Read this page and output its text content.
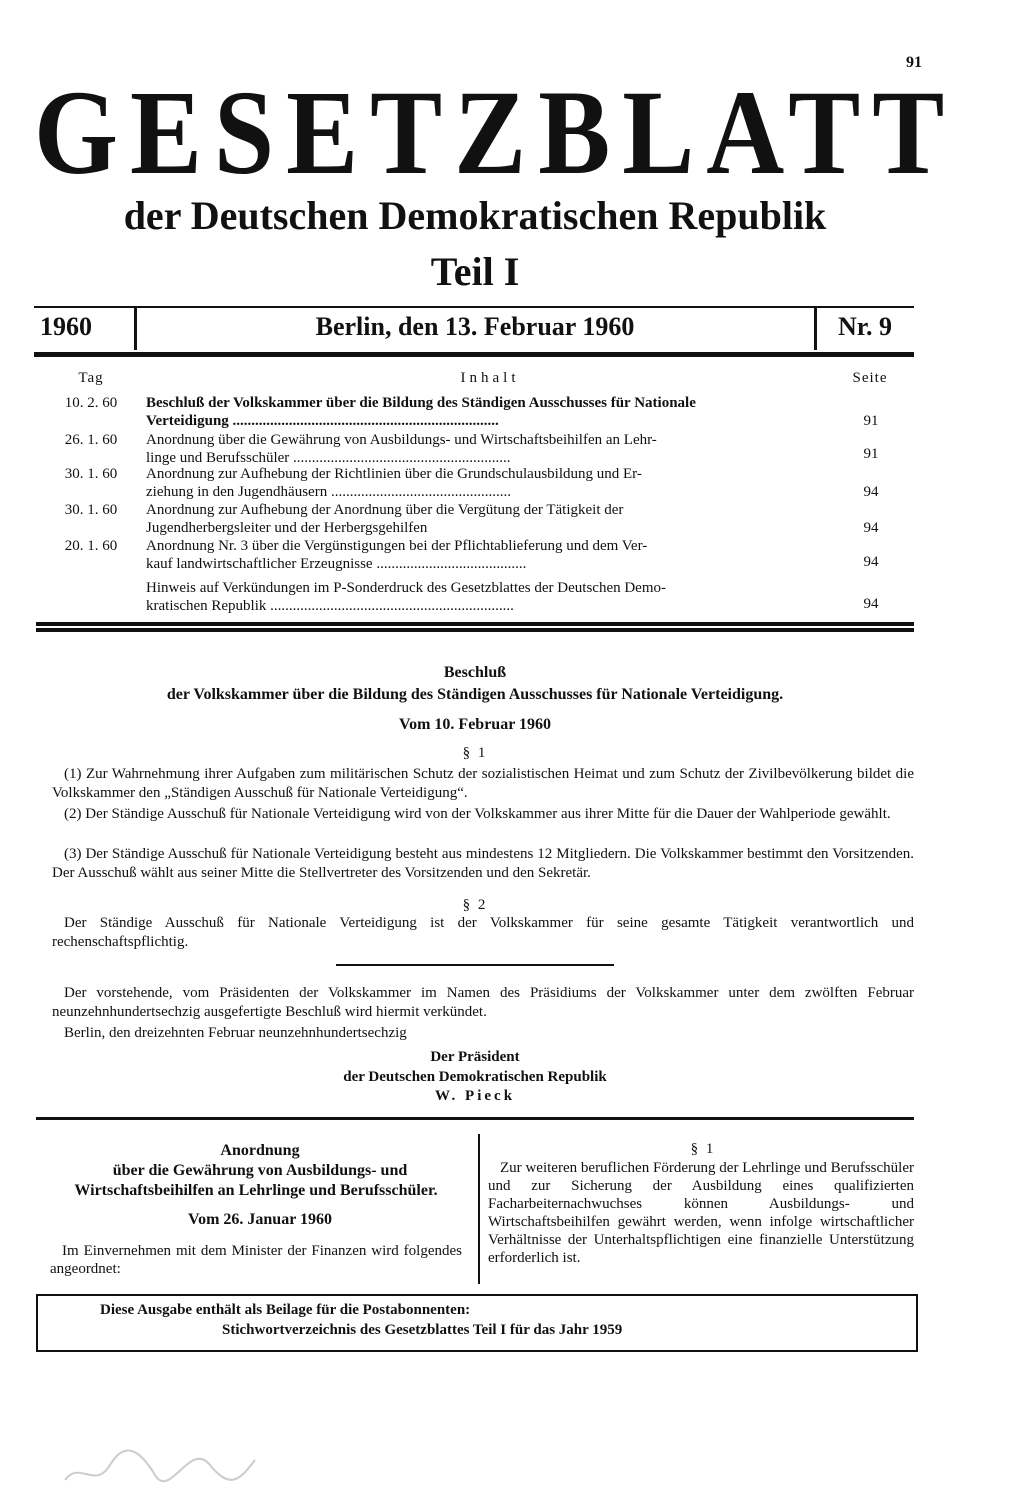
91
GESETZBLATT
der Deutschen Demokratischen Republik
Teil I
1960	Berlin, den 13. Februar 1960	Nr. 9
Tag	Inhalt	Seite
10. 2. 60	Beschluß der Volkskammer über die Bildung des Ständigen Ausschusses für Nationale
Verteidigung .......................................................................	91
26. 1. 60	Anordnung über die Gewährung von Ausbildungs- und Wirtschaftsbeihilfen an Lehr-
linge und Berufsschüler ..........................................................	91
30. 1. 60	Anordnung zur Aufhebung der Richtlinien über die Grundschulausbildung und Er-
ziehung in den Jugendhäusern ................................................	94
30. 1. 60	Anordnung zur Aufhebung der Anordnung über die Vergütung der Tätigkeit der
Jugendherbergsleiter und der Herbergsgehilfen	94
20. 1. 60	Anordnung Nr. 3 über die Vergünstigungen bei der Pflichtablieferung und dem Ver-
kauf landwirtschaftlicher Erzeugnisse ........................................	94
Hinweis auf Verkündungen im P-Sonderdruck des Gesetzblattes der Deutschen Demo-
kratischen Republik .................................................................	94
Beschluß
der Volkskammer über die Bildung des Ständigen Ausschusses für Nationale Verteidigung.
Vom 10. Februar 1960
§ 1
(1) Zur Wahrnehmung ihrer Aufgaben zum militärischen Schutz der sozialistischen Heimat und zum Schutz der Zivilbevölkerung bildet die Volkskammer den „Ständigen Ausschuß für Nationale Verteidigung“.
(2) Der Ständige Ausschuß für Nationale Verteidigung wird von der Volkskammer aus ihrer Mitte für die Dauer der Wahlperiode gewählt.
(3) Der Ständige Ausschuß für Nationale Verteidigung besteht aus mindestens 12 Mitgliedern. Die Volkskammer bestimmt den Vorsitzenden. Der Ausschuß wählt aus seiner Mitte die Stellvertreter des Vorsitzenden und den Sekretär.
§ 2
Der Ständige Ausschuß für Nationale Verteidigung ist der Volkskammer für seine gesamte Tätigkeit verantwortlich und rechenschaftspflichtig.
Der vorstehende, vom Präsidenten der Volkskammer im Namen des Präsidiums der Volkskammer unter dem zwölften Februar neunzehnhundertsechzig ausgefertigte Beschluß wird hiermit verkündet.
Berlin, den dreizehnten Februar neunzehnhundertsechzig
Der Präsident
der Deutschen Demokratischen Republik
W. Pieck
Anordnung
über die Gewährung von Ausbildungs- und
Wirtschaftsbeihilfen an Lehrlinge und Berufsschüler.
Vom 26. Januar 1960
Im Einvernehmen mit dem Minister der Finanzen wird folgendes angeordnet:
§ 1
Zur weiteren beruflichen Förderung der Lehrlinge und Berufsschüler und zur Sicherung der Ausbildung eines qualifizierten Facharbeiternachwuchses können Ausbildungs- und Wirtschaftsbeihilfen gewährt werden, wenn infolge wirtschaftlicher Verhältnisse der Unterhaltspflichtigen eine finanzielle Unterstützung erforderlich ist.
Diese Ausgabe enthält als Beilage für die Postabonnenten:
Stichwortverzeichnis des Gesetzblattes Teil I für das Jahr 1959
